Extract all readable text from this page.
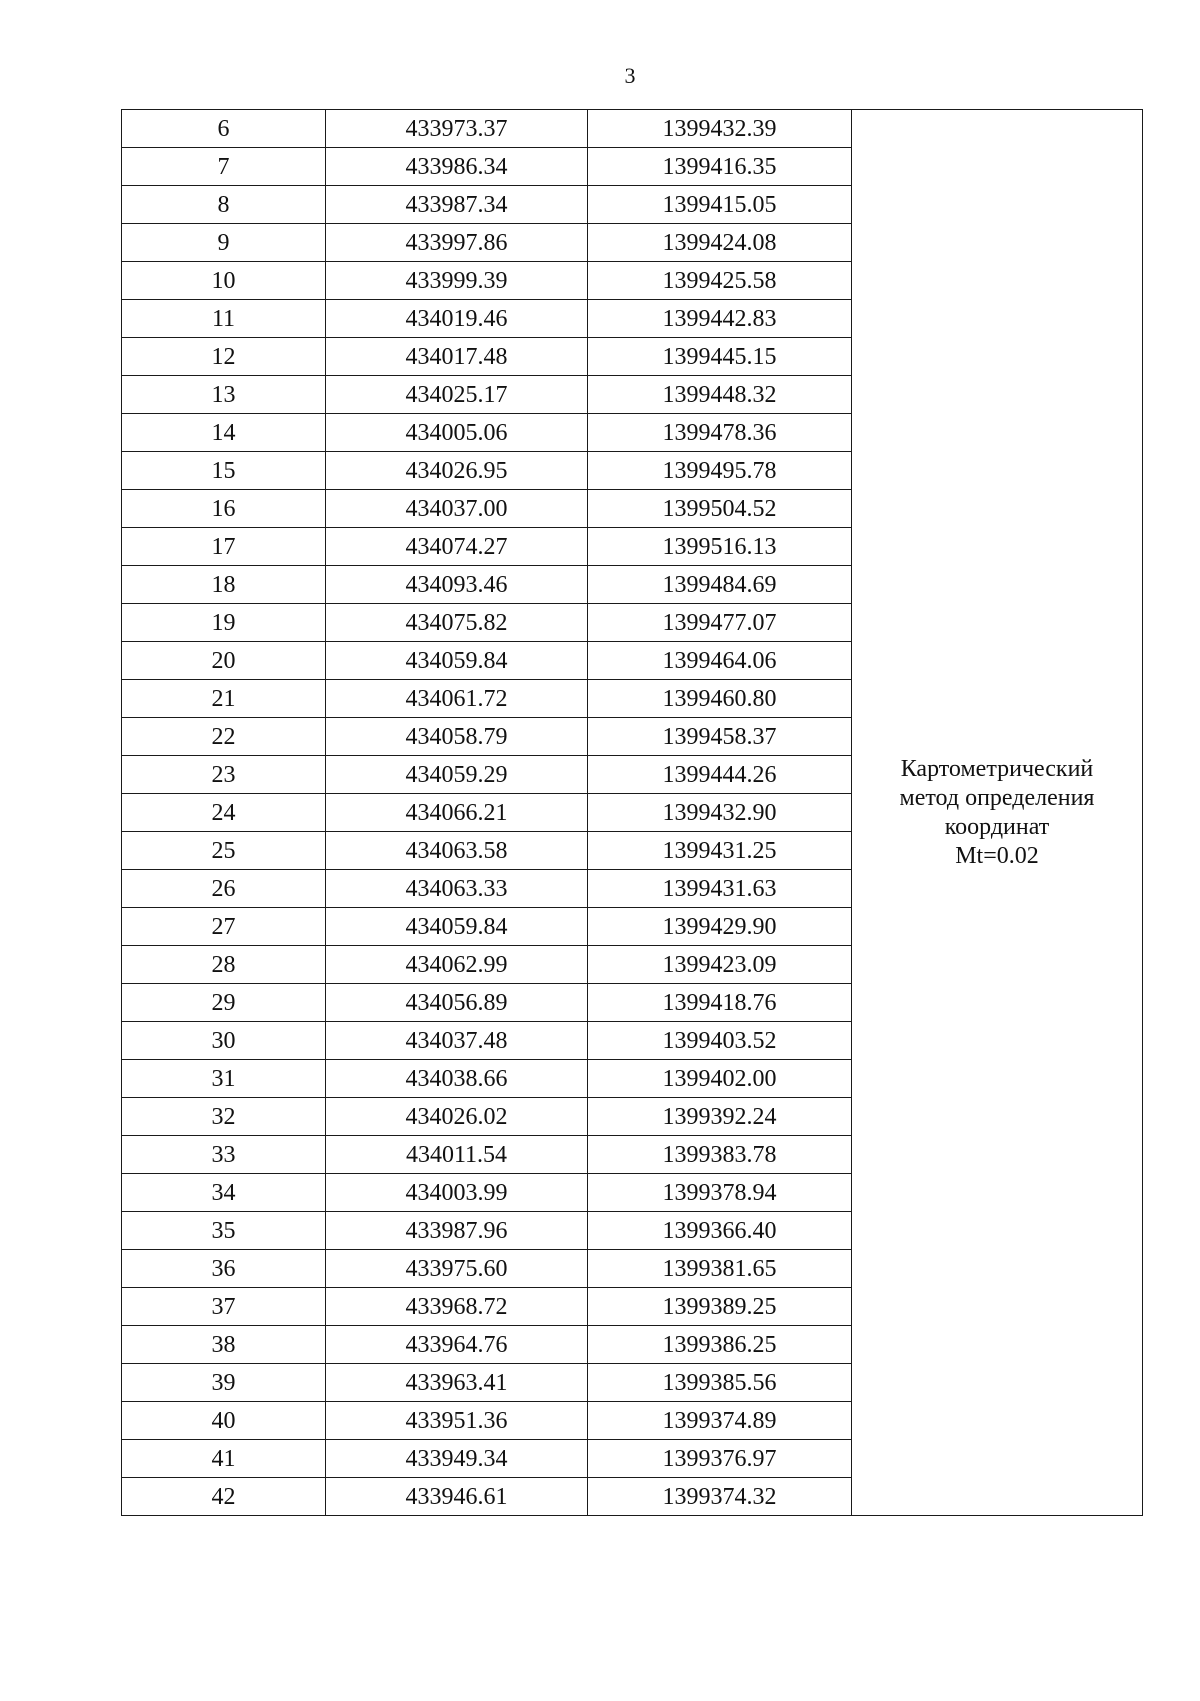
3
6	433973.37	1399432.39	Картометрический
метод определения
координат
Mt=0.02

7	433986.34	1399416.35	
8	433987.34	1399415.05	
9	433997.86	1399424.08	
10	433999.39	1399425.58	
11	434019.46	1399442.83	
12	434017.48	1399445.15	
13	434025.17	1399448.32	
14	434005.06	1399478.36	
15	434026.95	1399495.78	
16	434037.00	1399504.52	
17	434074.27	1399516.13	
18	434093.46	1399484.69	
19	434075.82	1399477.07	
20	434059.84	1399464.06	
21	434061.72	1399460.80	
22	434058.79	1399458.37	
23	434059.29	1399444.26	
24	434066.21	1399432.90	
25	434063.58	1399431.25	
26	434063.33	1399431.63	
27	434059.84	1399429.90	
28	434062.99	1399423.09	
29	434056.89	1399418.76	
30	434037.48	1399403.52	
31	434038.66	1399402.00	
32	434026.02	1399392.24	
33	434011.54	1399383.78	
34	434003.99	1399378.94	
35	433987.96	1399366.40	
36	433975.60	1399381.65	
37	433968.72	1399389.25	
38	433964.76	1399386.25	
39	433963.41	1399385.56	
40	433951.36	1399374.89	
41	433949.34	1399376.97	
42	433946.61	1399374.32	
